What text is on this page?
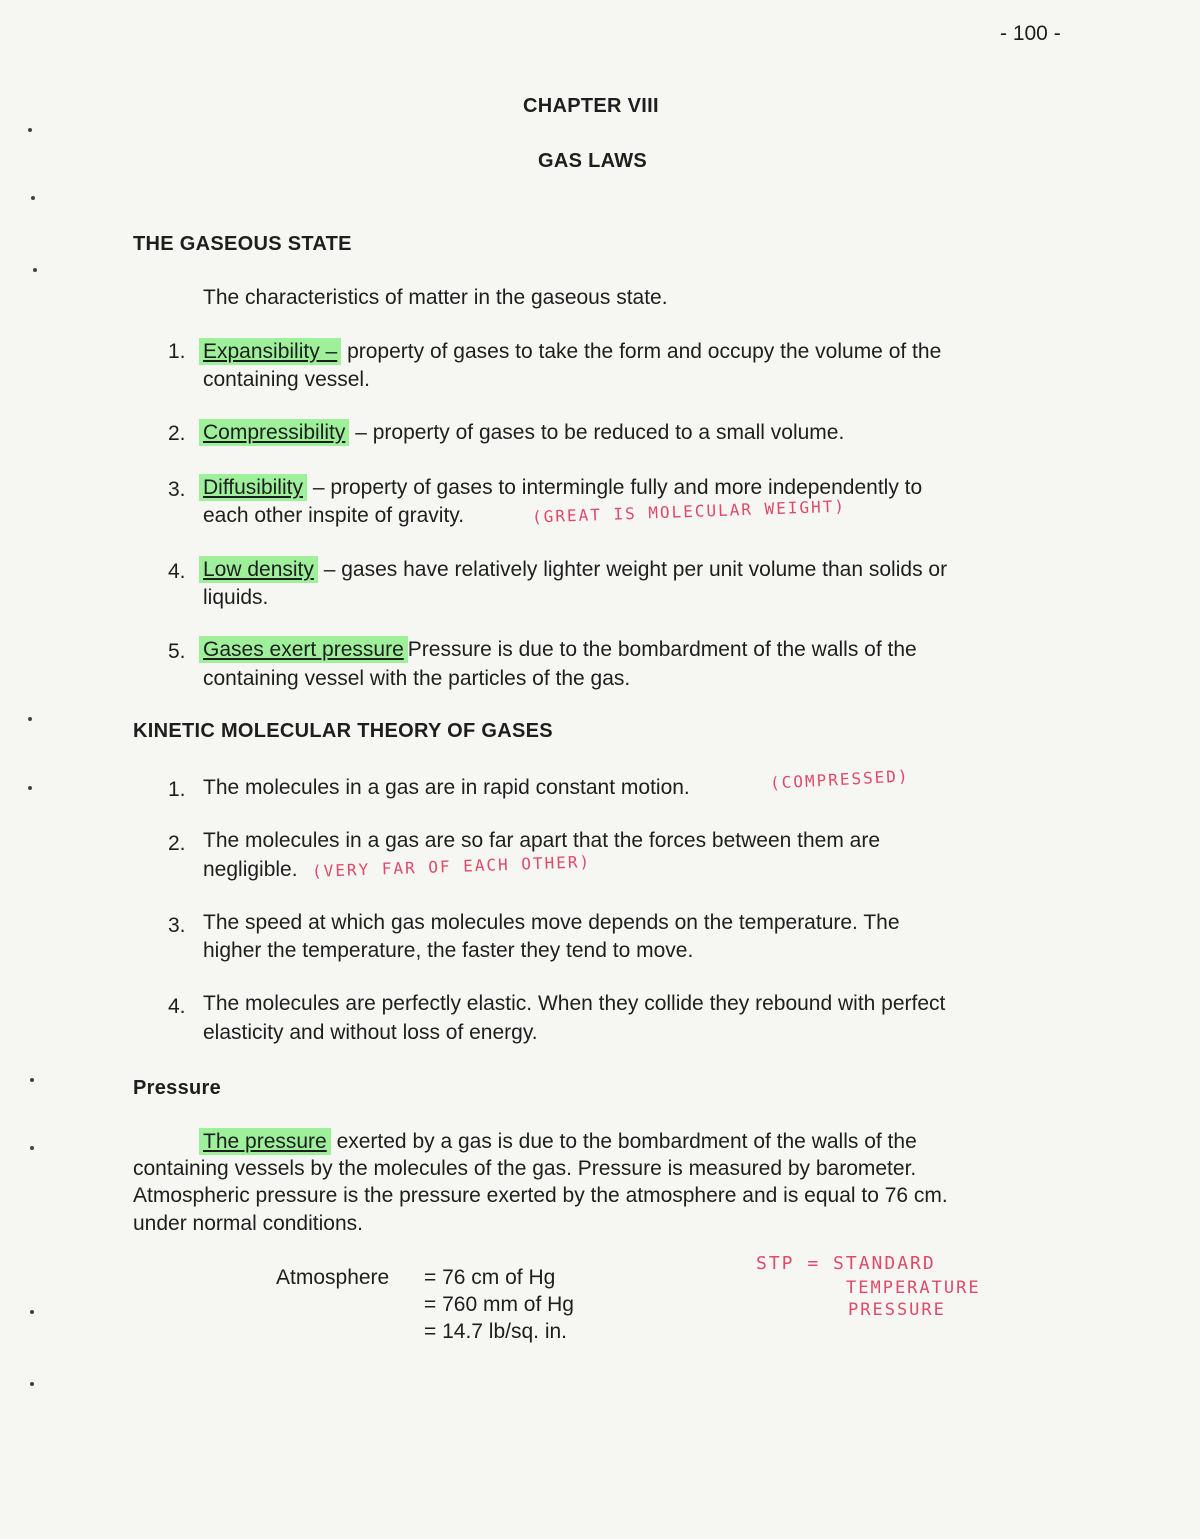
- 100 -
CHAPTER VIII
GAS LAWS
THE GASEOUS STATE
The characteristics of matter in the gaseous state.
1. Expansibility – property of gases to take the form and occupy the volume of the
containing vessel.
2. Compressibility – property of gases to be reduced to a small volume.
3. Diffusibility – property of gases to intermingle fully and more independently to
each other inspite of gravity.	(GREAT IS MOLECULAR WEIGHT)
4. Low density – gases have relatively lighter weight per unit volume than solids or
liquids.
5. Gases exert pressure Pressure is due to the bombardment of the walls of the
containing vessel with the particles of the gas.
KINETIC MOLECULAR THEORY OF GASES
1. The molecules in a gas are in rapid constant motion.	(COMPRESSED)
2. The molecules in a gas are so far apart that the forces between them are
negligible. (VERY FAR OF EACH OTHER)
3. The speed at which gas molecules move depends on the temperature. The
higher the temperature, the faster they tend to move.
4. The molecules are perfectly elastic. When they collide they rebound with perfect
elasticity and without loss of energy.
Pressure
The pressure exerted by a gas is due to the bombardment of the walls of the
containing vessels by the molecules of the gas. Pressure is measured by barometer.
Atmospheric pressure is the pressure exerted by the atmosphere and is equal to 76 cm.
under normal conditions.
Atmosphere = 76 cm of Hg
= 760 mm of Hg
= 14.7 lb/sq. in.
STP = STANDARD
TEMPERATURE
PRESSURE
